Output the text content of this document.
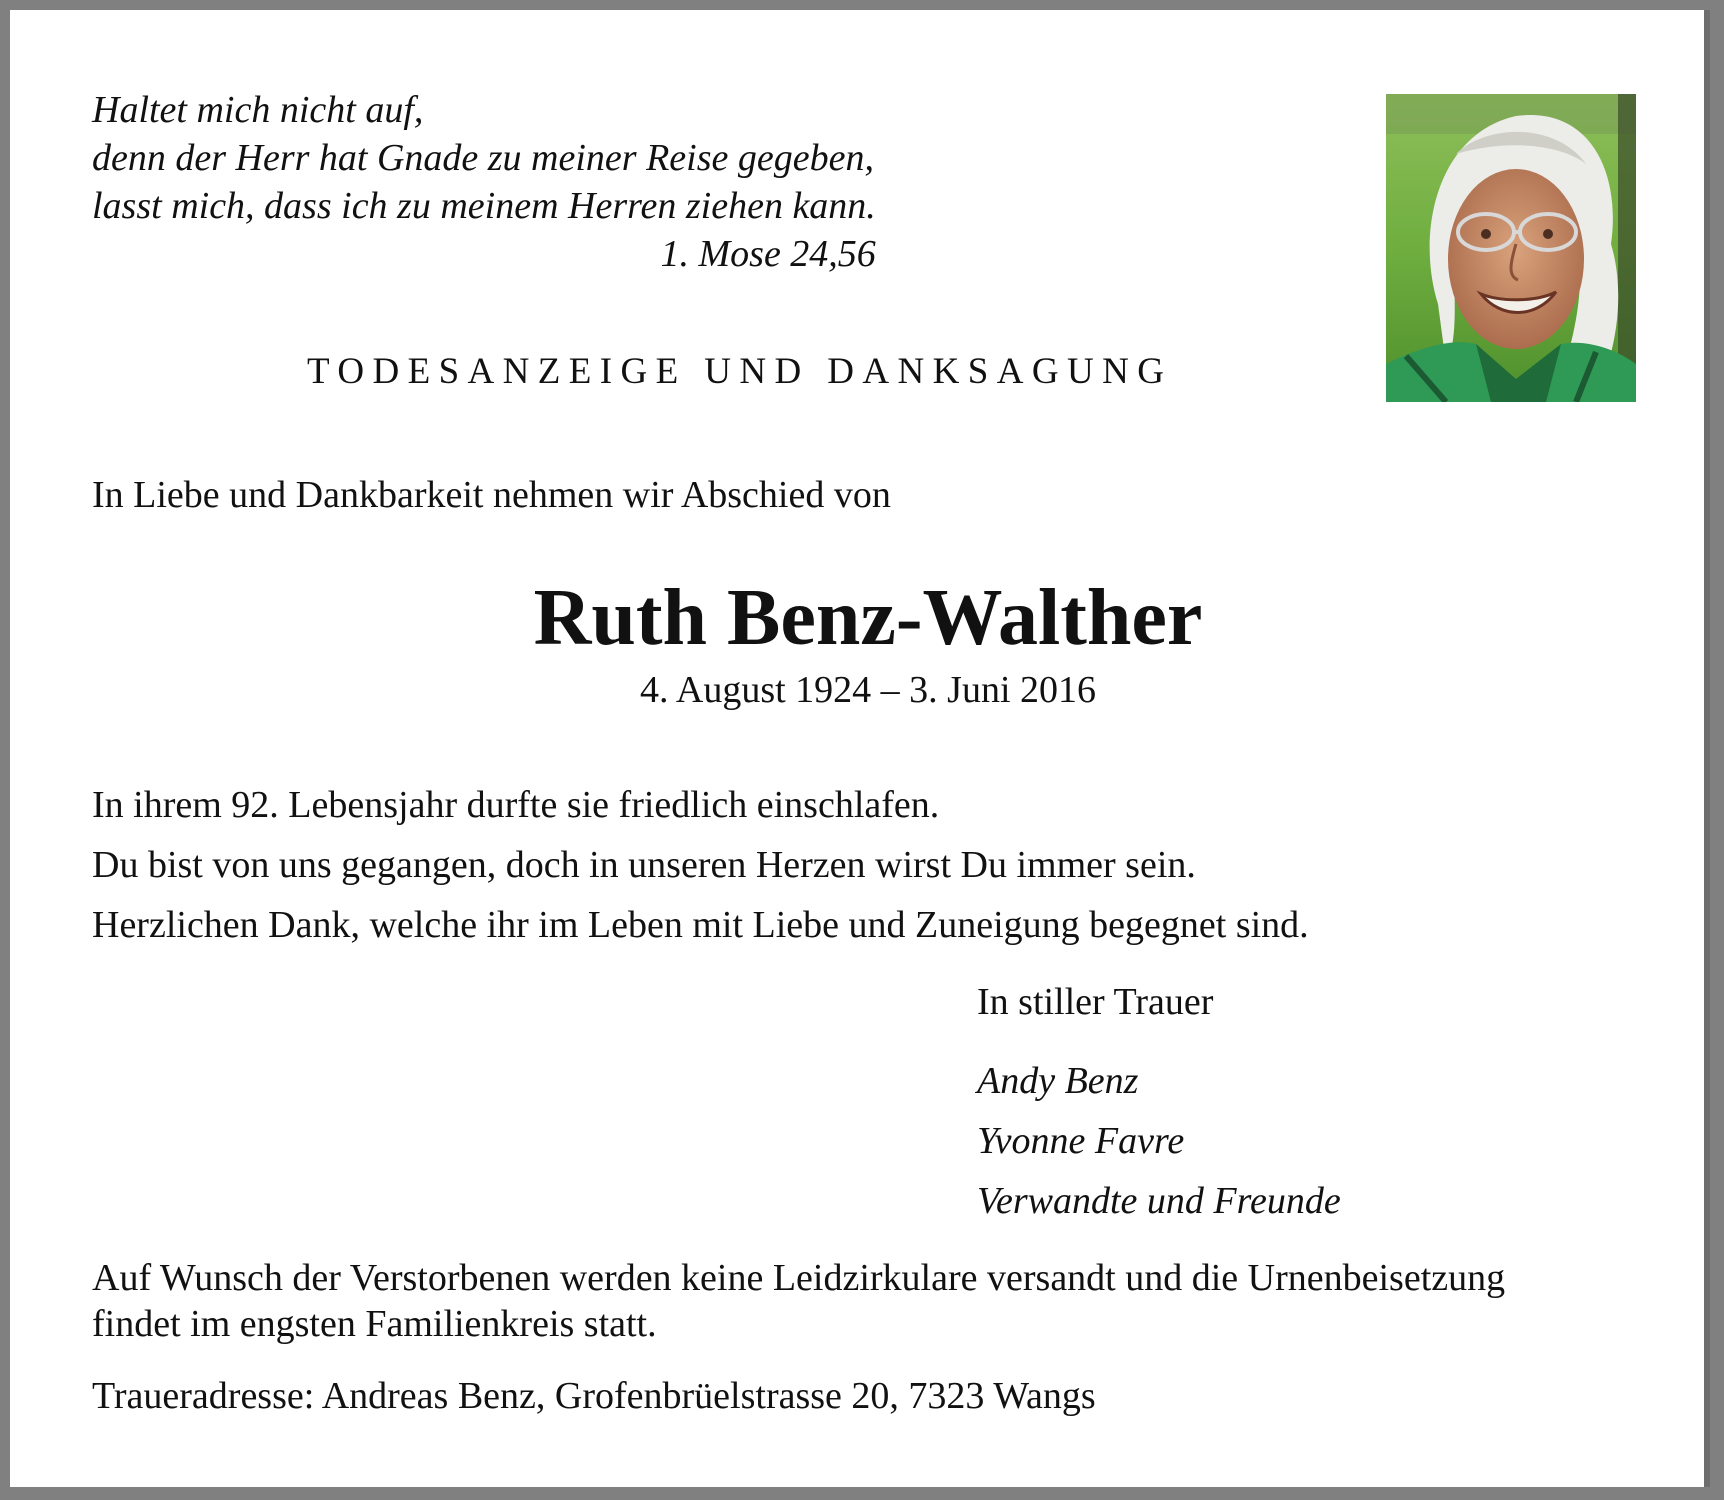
Haltet mich nicht auf,
denn der Herr hat Gnade zu meiner Reise gegeben,
lasst mich, dass ich zu meinem Herren ziehen kann.
1. Mose 24,56
TODESANZEIGE UND DANKSAGUNG
In Liebe und Dankbarkeit nehmen wir Abschied von
Ruth Benz-Walther
4. August 1924 – 3. Juni 2016
In ihrem 92. Lebensjahr durfte sie friedlich einschlafen.
Du bist von uns gegangen, doch in unseren Herzen wirst Du immer sein.
Herzlichen Dank, welche ihr im Leben mit Liebe und Zuneigung begegnet sind.
In stiller Trauer
Andy Benz
Yvonne Favre
Verwandte und Freunde
Auf Wunsch der Verstorbenen werden keine Leidzirkulare versandt und die Urnenbeisetzung
findet im engsten Familienkreis statt.
Traueradresse: Andreas Benz, Grofenbrüelstrasse 20, 7323 Wangs
